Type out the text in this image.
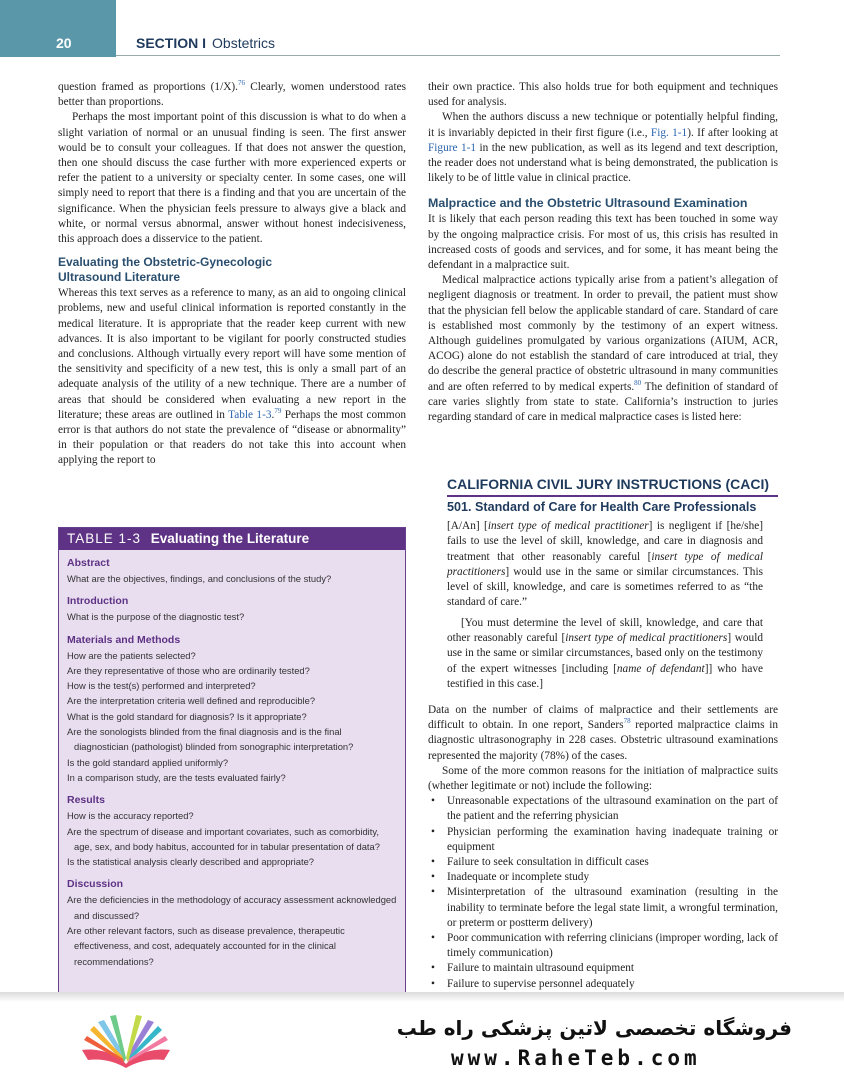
20	SECTION I Obstetrics

question framed as proportions (1/X).$^{76}$ Clearly, women understood rates better than proportions.

Perhaps the most important point of this discussion is what to do when a slight variation of normal or an unusual finding is seen. The first answer would be to consult your colleagues. If that does not answer the question, then one should discuss the case further with more experienced experts or refer the patient to a university or specialty center. In some cases, one will simply need to report that there is a finding and that you are uncertain of the significance. When the physician feels pressure to always give a black and white, or normal versus abnormal, answer without honest indecisiveness, this approach does a disservice to the patient.

Evaluating the Obstetric-Gynecologic
Ultrasound Literature

Whereas this text serves as a reference to many, as an aid to ongoing clinical problems, new and useful clinical information is reported constantly in the medical literature. It is appropriate that the reader keep current with new advances. It is also important to be vigilant for poorly constructed studies and conclusions. Although virtually every report will have some mention of the sensitivity and specificity of a new test, this is only a small part of an adequate analysis of the utility of a new technique. There are a number of areas that should be considered when evaluating a new report in the literature; these areas are outlined in Table 1-3.79 Perhaps the most common error is that authors do not state the prevalence of “disease or abnormality” in their population or that readers do not take this into account when applying the report to

TABLE 1-3 Evaluating the Literature
Abstract
What are the objectives, findings, and conclusions of the study?
Introduction
What is the purpose of the diagnostic test?
Materials and Methods
How are the patients selected?
Are they representative of those who are ordinarily tested?
How is the test(s) performed and interpreted?
Are the interpretation criteria well defined and reproducible?
What is the gold standard for diagnosis? Is it appropriate?
Are the sonologists blinded from the final diagnosis and is the final diagnostician (pathologist) blinded from sonographic interpretation?
Is the gold standard applied uniformly?
In a comparison study, are the tests evaluated fairly?
Results
How is the accuracy reported?
Are the spectrum of disease and important covariates, such as comorbidity, age, sex, and body habitus, accounted for in tabular presentation of data?
Is the statistical analysis clearly described and appropriate?
Discussion
Are the deficiencies in the methodology of accuracy assessment acknowledged and discussed?
Are other relevant factors, such as disease prevalence, therapeutic effectiveness, and cost, adequately accounted for in the clinical recommendations?

their own practice. This also holds true for both equipment and techniques used for analysis.

When the authors discuss a new technique or potentially helpful finding, it is invariably depicted in their first figure (i.e., Fig. 1-1). If after looking at Figure 1-1 in the new publication, as well as its legend and text description, the reader does not understand what is being demonstrated, the publication is likely to be of little value in clinical practice.

Malpractice and the Obstetric Ultrasound Examination

It is likely that each person reading this text has been touched in some way by the ongoing malpractice crisis. For most of us, this crisis has resulted in increased costs of goods and services, and for some, it has meant being the defendant in a malpractice suit.

Medical malpractice actions typically arise from a patient’s allegation of negligent diagnosis or treatment. In order to prevail, the patient must show that the physician fell below the applicable standard of care. Standard of care is established most commonly by the testimony of an expert witness. Although guidelines promulgated by various organizations (AIUM, ACR, ACOG) alone do not establish the standard of care introduced at trial, they do describe the general practice of obstetric ultrasound in many communities and are often referred to by medical experts.$^{80}$ The definition of standard of care varies slightly from state to state. California’s instruction to juries regarding standard of care in medical malpractice cases is listed here:

CALIFORNIA CIVIL JURY INSTRUCTIONS (CACI)
501. Standard of Care for Health Care Professionals

[A/An] [insert type of medical practitioner] is negligent if [he/she] fails to use the level of skill, knowledge, and care in diagnosis and treatment that other reasonably careful [insert type of medical practitioners] would use in the same or similar circumstances. This level of skill, knowledge, and care is sometimes referred to as “the standard of care.”

[You must determine the level of skill, knowledge, and care that other reasonably careful [insert type of medical practitioners] would use in the same or similar circumstances, based only on the testimony of the expert witnesses [including [name of defendant]] who have testified in this case.]

Data on the number of claims of malpractice and their settlements are difficult to obtain. In one report, Sanders$^{78}$ reported malpractice claims in diagnostic ultrasonography in 228 cases. Obstetric ultrasound examinations represented the majority (78%) of the cases.

Some of the more common reasons for the initiation of malpractice suits (whether legitimate or not) include the following:

• Unreasonable expectations of the ultrasound examination on the part of the patient and the referring physician
• Physician performing the examination having inadequate training or equipment
• Failure to seek consultation in difficult cases
• Inadequate or incomplete study
• Misinterpretation of the ultrasound examination (resulting in the inability to terminate before the legal state limit, a wrongful termination, or preterm or postterm delivery)
• Poor communication with referring clinicians (improper wording, lack of timely communication)
• Failure to maintain ultrasound equipment
• Failure to supervise personnel adequately
فروشگاه تخصصی لاتین پزشکی راه طب
www.RaheTeb.com
